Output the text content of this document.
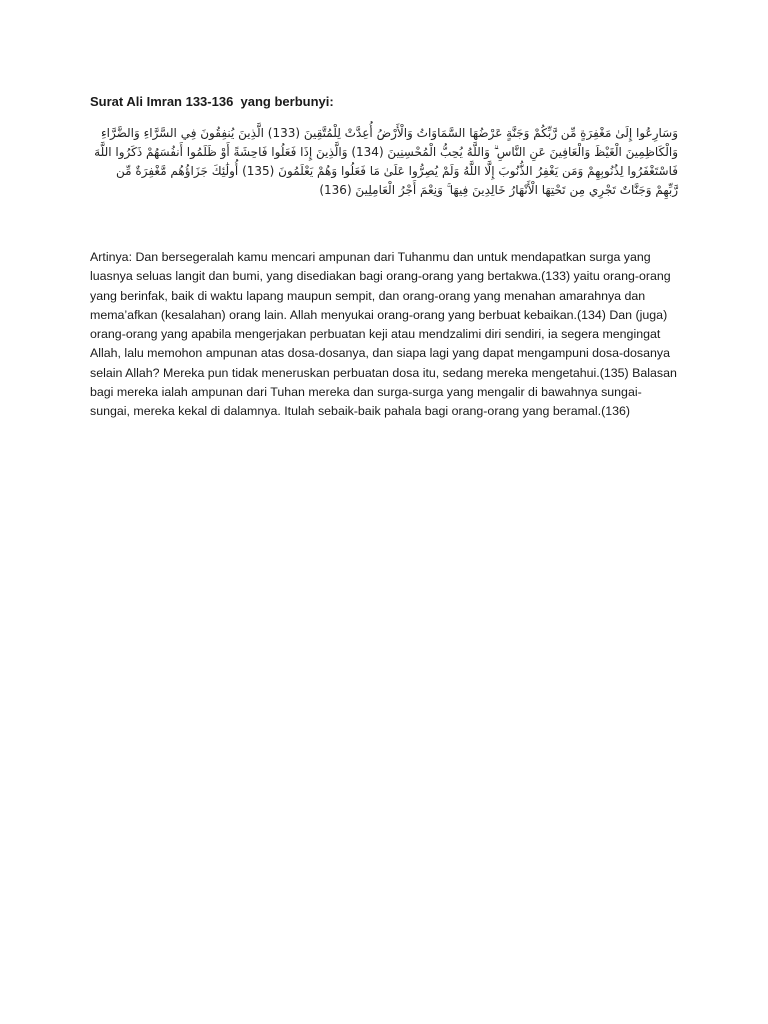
Surat Ali Imran 133-136  yang berbunyi:
وَسَارِعُوا إِلَىٰ مَغْفِرَةٍ مِّن رَّبِّكُمْ وَجَنَّةٍ عَرْضُهَا السَّمَاوَاتُ وَالْأَرْضُ أُعِدَّتْ لِلْمُتَّقِينَ (133) الَّذِينَ يُنفِقُونَ فِي السَّرَّاءِ وَالضَّرَّاءِ وَالْكَاظِمِينَ الْغَيْظَ وَالْعَافِينَ عَنِ النَّاسِ ۗ وَاللَّهُ يُحِبُّ الْمُحْسِنِينَ (134) وَالَّذِينَ إِذَا فَعَلُوا فَاحِشَةً أَوْ ظَلَمُوا أَنفُسَهُمْ ذَكَرُوا اللَّهَ فَاسْتَغْفَرُوا لِذُنُوبِهِمْ وَمَن يَغْفِرُ الذُّنُوبَ إِلَّا اللَّهُ وَلَمْ يُصِرُّوا عَلَىٰ مَا فَعَلُوا وَهُمْ يَعْلَمُونَ (135) أُولَٰئِكَ جَزَاؤُهُم مَّغْفِرَةٌ مِّن رَّبِّهِمْ وَجَنَّاتٌ تَجْرِي مِن تَحْتِهَا الْأَنْهَارُ خَالِدِينَ فِيهَا ۚ وَنِعْمَ أَجْرُ الْعَامِلِينَ (136)
Artinya: Dan bersegeralah kamu mencari ampunan dari Tuhanmu dan untuk mendapatkan surga yang luasnya seluas langit dan bumi, yang disediakan bagi orang-orang yang bertakwa.(133) yaitu orang-orang yang berinfak, baik di waktu lapang maupun sempit, dan orang-orang yang menahan amarahnya dan mema’afkan (kesalahan) orang lain. Allah menyukai orang-orang yang berbuat kebaikan.(134) Dan (juga) orang-orang yang apabila mengerjakan perbuatan keji atau mendzalimi diri sendiri, ia segera mengingat Allah, lalu memohon ampunan atas dosa-dosanya, dan siapa lagi yang dapat mengampuni dosa-dosanya selain Allah? Mereka pun tidak meneruskan perbuatan dosa itu, sedang mereka mengetahui.(135) Balasan bagi mereka ialah ampunan dari Tuhan mereka dan surga-surga yang mengalir di bawahnya sungai-sungai, mereka kekal di dalamnya. Itulah sebaik-baik pahala bagi orang-orang yang beramal.(136)
